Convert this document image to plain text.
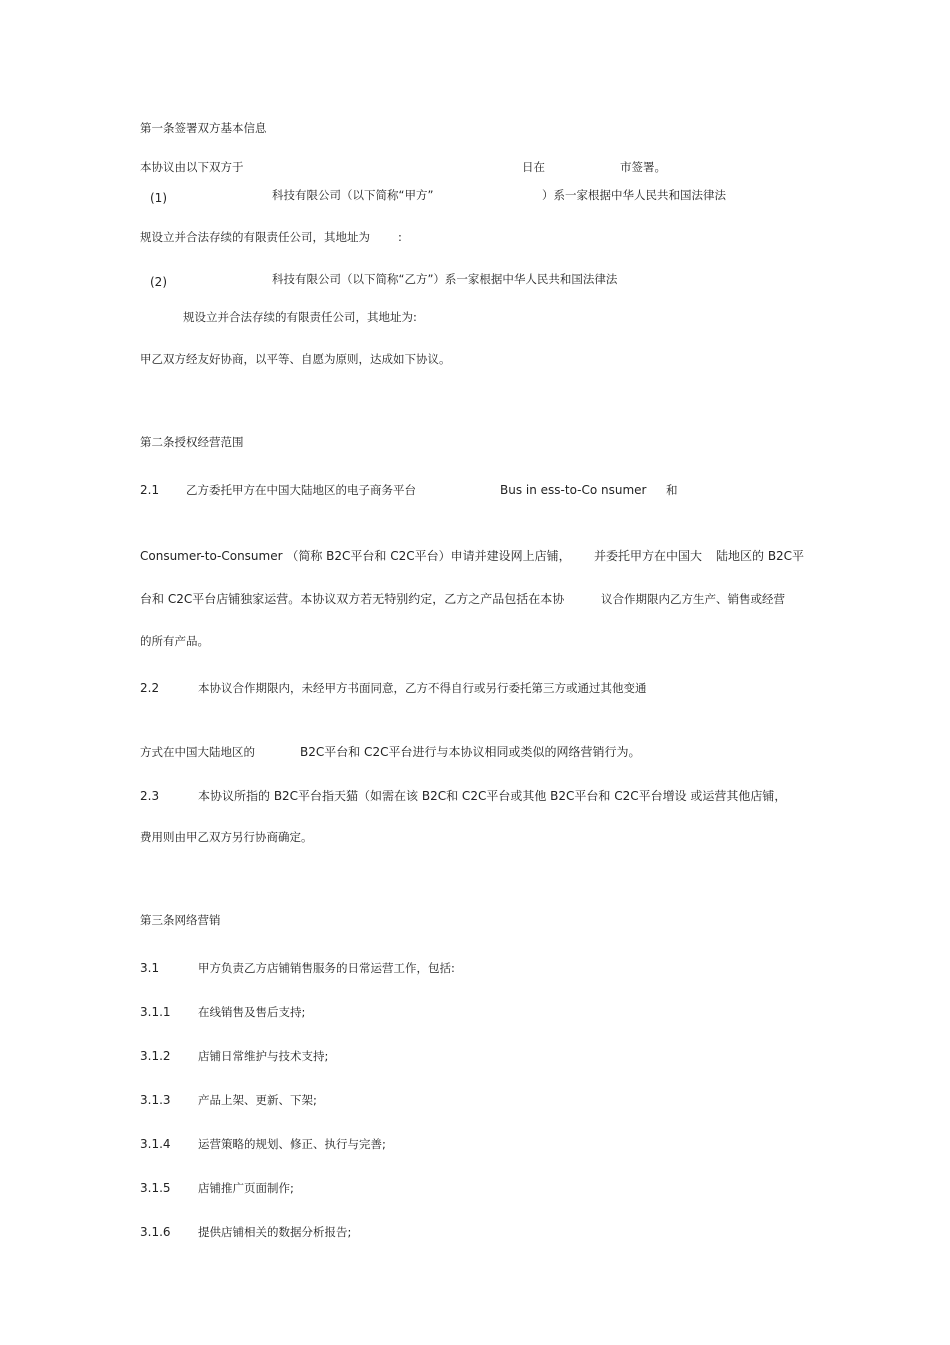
第一条签署双方基本信息
本协议由以下双方于	日在	市签署。
(1)	科技有限公司（以下简称“甲方”	）系一家根据中华人民共和国法律法
规设立并合法存续的有限责任公司，其地址为 :
(2)	科技有限公司（以下简称“乙方”）系一家根据中华人民共和国法律法
规设立并合法存续的有限责任公司，其地址为:
甲乙双方经友好协商，以平等、自愿为原则，达成如下协议。
第二条授权经营范围
2.1 乙方委托甲方在中国大陆地区的电子商务平台	Bus in ess-to-Co nsumer 和
Consumer-to-Consumer （简称 B2C平台和 C2C平台）申请并建设网上店铺， 并委托甲方在中国大 陆地区的 B2C平
台和 C2C平台店铺独家运营。本协议双方若无特别约定，乙方之产品包括在本协	议合作期限内乙方生产、销售或经营
的所有产品。
2.2	本协议合作期限内，未经甲方书面同意，乙方不得自行或另行委托第三方或通过其他变通
方式在中国大陆地区的	B2C平台和 C2C平台进行与本协议相同或类似的网络营销行为。
2.3	本协议所指的 B2C平台指天猫（如需在该 B2C和 C2C平台或其他 B2C平台和 C2C平台增设 或运营其他店铺，
费用则由甲乙双方另行协商确定。
第三条网络营销
3.1	甲方负责乙方店铺销售服务的日常运营工作，包括:
3.1.1 在线销售及售后支持;
3.1.2 店铺日常维护与技术支持;
3.1.3 产品上架、更新、下架;
3.1.4 运营策略的规划、修正、执行与完善;
3.1.5 店铺推广页面制作;
3.1.6 提供店铺相关的数据分析报告;
